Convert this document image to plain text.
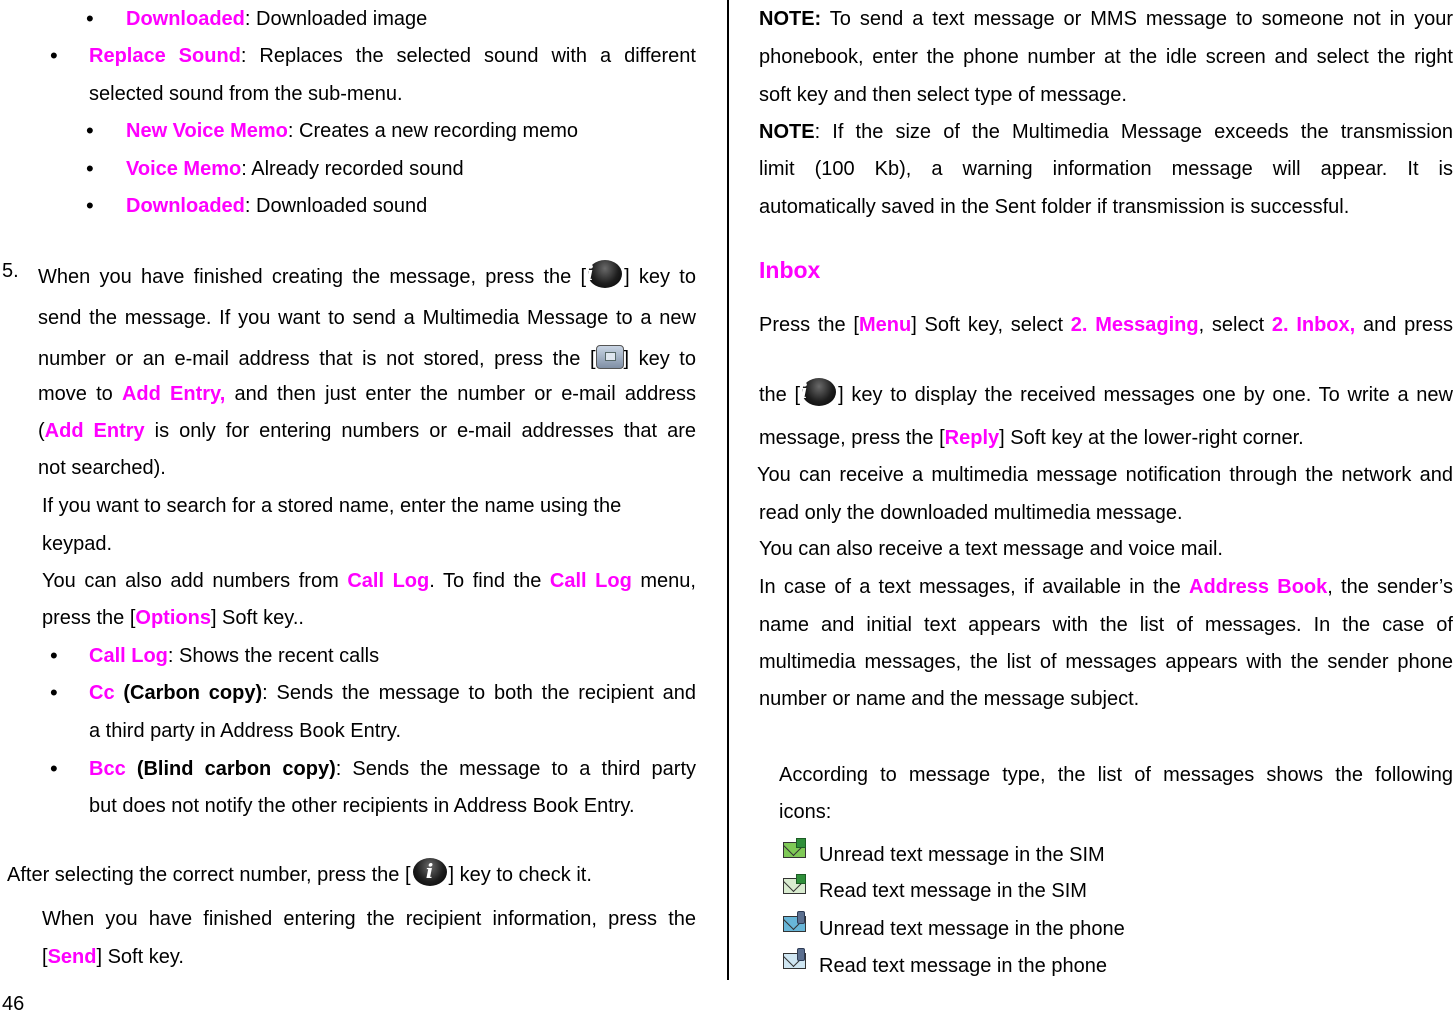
• Downloaded: Downloaded image
• Replace Sound: Replaces the selected sound with a different
selected sound from the sub-menu.
• New Voice Memo: Creates a new recording memo
• Voice Memo: Already recorded sound
• Downloaded: Downloaded sound
5. When you have finished creating the message, press the [ i	] key to
send the message. If you want to send a Multimedia Message to a new
number or an e-mail address that is not stored, press the [ ] key to
move to Add Entry, and then just enter the number or e-mail address
(Add Entry is only for entering numbers or e-mail addresses that are
not searched).
If you want to search for a stored name, enter the name using the
keypad.
You can also add numbers from Call Log. To find the Call Log menu,
press the [Options] Soft key..
• Call Log: Shows the recent calls
• Cc (Carbon copy): Sends the message to both the recipient and
a third party in Address Book Entry.
• Bcc (Blind carbon copy): Sends the message to a third party
but does not notify the other recipients in Address Book Entry.
After selecting the correct number, press the [ i ] key to check it.
When you have finished entering the recipient information, press the
[Send] Soft key.
46
NOTE: To send a text message or MMS message to someone not in your
phonebook, enter the phone number at the idle screen and select the right
soft key and then select type of message.
NOTE: If the size of the Multimedia Message exceeds the transmission
limit (100 Kb), a warning information message will appear. It is
automatically saved in the Sent folder if transmission is successful.
Inbox
Press the [Menu] Soft key, select 2. Messaging, select 2. Inbox, and press
the [ i	] key to display the received messages one by one. To write a new
message, press the [Reply] Soft key at the lower-right corner.
You can receive a multimedia message notification through the network and
read only the downloaded multimedia message.
You can also receive a text message and voice mail.
In case of a text messages, if available in the Address Book, the sender’s
name and initial text appears with the list of messages. In the case of
multimedia messages, the list of messages appears with the sender phone
number or name and the message subject.
According to message type, the list of messages shows the following
icons:
Unread text message in the SIM
Read text message in the SIM
Unread text message in the phone
Read text message in the phone
